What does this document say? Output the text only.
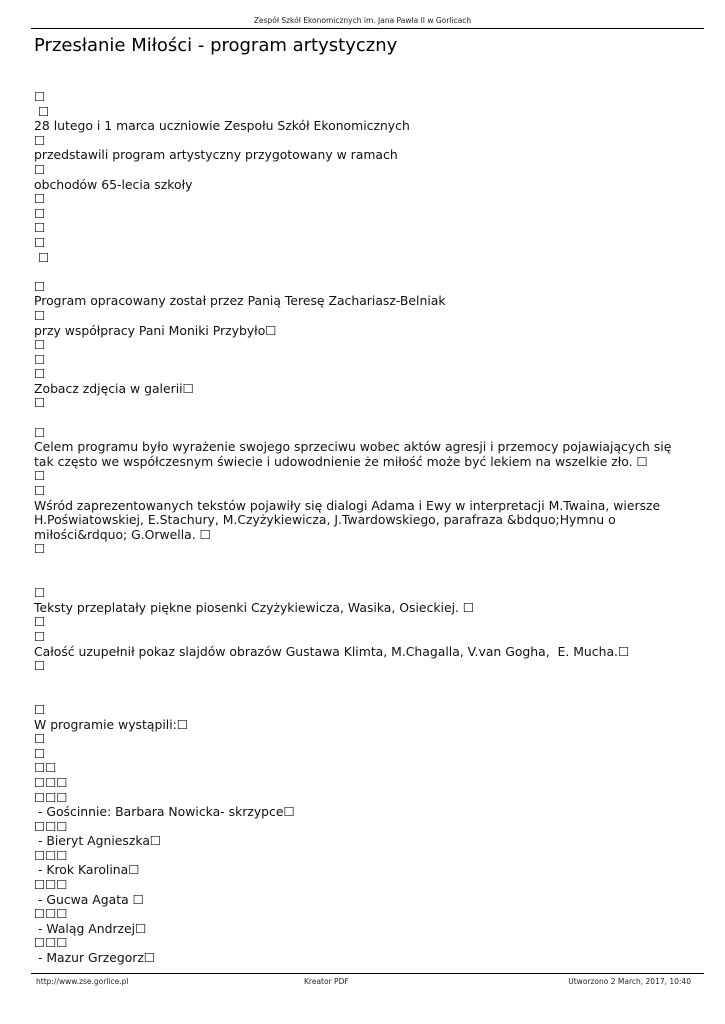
Zespół Szkół Ekonomicznych im. Jana Pawła II w Gorlicach
Przesłanie Miłości - program artystyczny
☐
☐
28 lutego i 1 marca uczniowie Zespołu Szkół Ekonomicznych
☐
przedstawili program artystyczny przygotowany w ramach
☐
obchodów 65-lecia szkoły
☐
☐
☐
☐
☐
☐
Program opracowany został przez Panią Teresę Zachariasz-Belniak
☐
przy współpracy Pani Moniki Przybyło☐
☐
☐
☐
Zobacz zdjęcia w galerii☐
☐
☐
Celem programu było wyrażenie swojego sprzeciwu wobec aktów agresji i przemocy pojawiających się
tak często we współczesnym świecie i udowodnienie że miłość może być lekiem na wszelkie zło. ☐
☐
☐
Wśród zaprezentowanych tekstów pojawiły się dialogi Adama i Ewy w interpretacji M.Twaina, wiersze
H.Poświatowskiej, E.Stachury, M.Czyżykiewicza, J.Twardowskiego, parafraza &bdquo;Hymnu o
miłości&rdquo; G.Orwella. ☐
☐
☐
Teksty przeplatały piękne piosenki Czyżykiewicza, Wasika, Osieckiej. ☐
☐
☐
Całość uzupełnił pokaz slajdów obrazów Gustawa Klimta, M.Chagalla, V.van Gogha,  E. Mucha.☐
☐
☐
W programie wystąpili:☐
☐
☐
☐☐
☐☐☐
☐☐☐
- Gościnnie: Barbara Nowicka- skrzypce☐
☐☐☐
- Bieryt Agnieszka☐
☐☐☐
- Krok Karolina☐
☐☐☐
- Gucwa Agata ☐
☐☐☐
- Waląg Andrzej☐
☐☐☐
- Mazur Grzegorz☐
http://www.zse.gorlice.pl	Kreator PDF	Utworzono 2 March, 2017, 10:40
